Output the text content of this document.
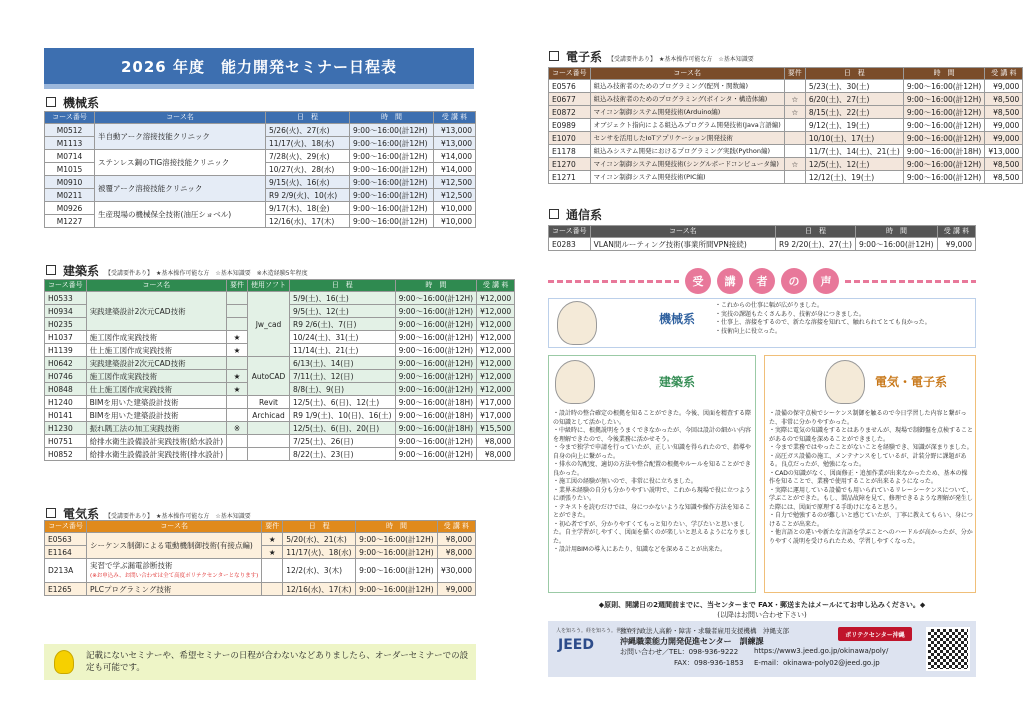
2026 年度　能力開発セミナー日程表
機械系
コース番号	コース名	日　程	時　間	受 講 料
M0512	半自動アーク溶接技能クリニック	5/26(火)、27(水)	9:00～16:00(計12H)	¥13,000
M1113		11/17(火)、18(水)	9:00～16:00(計12H)	¥13,000
M0714	ステンレス鋼のTIG溶接技能クリニック	7/28(火)、29(水)	9:00～16:00(計12H)	¥14,000
M1015		10/27(火)、28(水)	9:00～16:00(計12H)	¥14,000
M0910	被覆アーク溶接技能クリニック	9/15(火)、16(水)	9:00～16:00(計12H)	¥12,500
M0211		R9 2/9(火)、10(水)	9:00～16:00(計12H)	¥12,500
M0926	生産現場の機械保全技術(油圧ショベル)	9/17(木)、18(金)	9:00～16:00(計12H)	¥10,000
M1227		12/16(水)、17(木)	9:00～16:00(計12H)	¥10,000
建築系 【受講要件あり】　★基本操作可能な方　☆基本知識要　※木造経験5年程度
コース番号	コース名	要件	使用ソフト	日　程	時　間	受 講 料
H0533	実践建築設計2次元CAD技術		Jw_cad	5/9(土)、16(土)	9:00～16:00(計12H)	¥12,000
H0934				9/5(土)、12(土)	9:00～16:00(計12H)	¥12,000
H0235				R9 2/6(土)、7(日)	9:00～16:00(計12H)	¥12,000
H1037	施工図作成実践技術	★		10/24(土)、31(土)	9:00～16:00(計12H)	¥12,000
H1139	仕上施工図作成実践技術	★		11/14(土)、21(土)	9:00～16:00(計12H)	¥12,000
H0642	実践建築設計2次元CAD技術		AutoCAD	6/13(土)、14(日)	9:00～16:00(計12H)	¥12,000
H0746	施工図作成実践技術	★		7/11(土)、12(日)	9:00～16:00(計12H)	¥12,000
H0848	仕上施工図作成実践技術	★		8/8(土)、9(日)	9:00～16:00(計12H)	¥12,000
H1240	BIMを用いた建築設計技術		Revit	12/5(土)、6(日)、12(土)	9:00～16:00(計18H)	¥17,000
H0141	BIMを用いた建築設計技術		Archicad	R9 1/9(土)、10(日)、16(土)	9:00～16:00(計18H)	¥17,000
H1230	振れ隅工法の加工実践技術	※		12/5(土)、6(日)、20(日)	9:00～16:00(計18H)	¥15,500
H0751	給排水衛生設備設計実践技術(給水設計)			7/25(土)、26(日)	9:00～16:00(計12H)	¥8,000
H0852	給排水衛生設備設計実践技術(排水設計)			8/22(土)、23(日)	9:00～16:00(計12H)	¥8,000
電気系 【受講要件あり】　★基本操作可能な方　☆基本知識要
コース番号	コース名	要件	日　程	時　間	受 講 料
E0563	シーケンス制御による電動機制御技術(有接点編)	★	5/20(水)、21(木)	9:00～16:00(計12H)	¥8,000
E1164		★	11/17(火)、18(水)	9:00～16:00(計12H)	¥8,000
D213A	実習で学ぶ漏電診断技術
(※お申込み、お問い合わせは全て高度ポリテクセンターとなります)		12/2(水)、3(木)	9:00～16:00(計12H)	¥30,000
E1265	PLCプログラミング技術		12/16(水)、17(木)	9:00～16:00(計12H)	¥9,000
記載にないセミナーや、希望セミナーの日程が合わないなどありましたら、オーダーセミナーでの設定も可能です。
電子系 【受講要件あり】　★基本操作可能な方　☆基本知識要
コース番号	コース名	要件	日　程	時　間	受 講 料
E0576	組込み技術者のためのプログラミング(配列・関数編)		5/23(土)、30(土)	9:00～16:00(計12H)	¥9,000
E0677	組込み技術者のためのプログラミング(ポインタ・構造体編)	☆	6/20(土)、27(土)	9:00～16:00(計12H)	¥8,500
E0872	マイコン制御システム開発技術(Arduino編)	☆	8/15(土)、22(土)	9:00～16:00(計12H)	¥8,500
E0989	オブジェクト指向による組込みプログラム開発技術(Java言語編)		9/12(土)、19(土)	9:00～16:00(計12H)	¥9,000
E1070	センサを活用したIoTアプリケーション開発技術		10/10(土)、17(土)	9:00～16:00(計12H)	¥9,000
E1178	組込みシステム開発におけるプログラミング実践(Python編)		11/7(土)、14(土)、21(土)	9:00～16:00(計18H)	¥13,000
E1270	マイコン制御システム開発技術(シングルボードコンピュータ編)	☆	12/5(土)、12(土)	9:00～16:00(計12H)	¥8,500
E1271	マイコン制御システム開発技術(PIC編)		12/12(土)、19(土)	9:00～16:00(計12H)	¥8,500
通信系
コース番号	コース名	日　程	時　間	受 講 料
E0283	VLAN間ルーティング技術(事業所間VPN接続)	R9 2/20(土)、27(土)	9:00～16:00(計12H)	¥9,000
受	講	者	の	声
機械系

・これからの仕事に幅が広がりました。

・実技の課題もたくさんあり、技術が身につきました。

・仕事上、溶接をするので、新たな溶接を知れて、触れられてとても良かった。

・技術向上に役立った。

建築系

・設計時の整合確定の根拠を知ることができた。今後、図面を精査する際の知識として活かしたい。

・中級時に、根拠説明をうまくできなかったが、今回は設計の細かい内容を理解できたので、今後業務に活かせそう。

・今まで独学で申請を行っていたが、正しい知識を得られたので、指導や自身の向上に繋がった。

・排水の勾配度、適切の方法や整合配置の根拠やルールを知ることができ良かった。

・施工図の経験が無いので、非常に役に立ちました。

・業界未経験の自分も分かりやすい説明で、これから現場で役に立つように頑張りたい。

・テキストを読むだけでは、身につかないような知識や操作方法を知ることができた。

・初心者ですが、分かりやすくてもっと知りたい、学びたいと思いました。自主学習がしやすく、図面を描くのが楽しいと思えるようになりました。

・設計用BIMの導入にあたり、知識などを深めることが出来た。

電気・電子系

・設備の保守点検でシーケンス制御を触るので今日学習した内容と繋がった、非常に分かりやすかった。

・実際に電気の知識をするとはありませんが、現場で制御盤を点検することがあるので知識を深めることができました。

・今まで業務ではやったことがないことを経験でき、知識が深まりました。

・高圧ガス設備の施工、メンテナンスをしているが、計装分野に課題がある。良点だったが、勉強になった。

・CADの知識がなく、図面修正・追加作業が出来なかったため、基本の操作を知ることで、業務で使用することが出来るようになった。

・実際に運用している設備でも用いられているリレーシーケンスについて、学ぶことができた。もし、製品故障を見て、修理できるような理解が発生した際には、図面で原理する手助けになると思う。

・自力で勉強するのが難しいと感じていたが、丁寧に教えてもらい、身につけることが出来た。

・他言語との違いや新たな言語を学ぶことへのハードルが高かったが、分かりやすく説明を受けられたため、学習しやすくなった。

◆原則、開講日の2週間前までに、当センターまで FAX・郵送またはメールにてお申し込みください。◆
(以降はお問い合わせ下さい)
人を知ろう。経を知ろう。世を知ろう。
JEED
独立行政法人高齢・障害・求職者雇用支援機構　沖縄支部
沖縄職業能力開発促進センター　訓練課
お問い合わせ／TEL：098-936-9222
FAX：098-936-1853
https://www3.jeed.go.jp/okinawa/poly/
E-mail：okinawa-poly02@jeed.go.jp
ポリテクセンター沖縄
